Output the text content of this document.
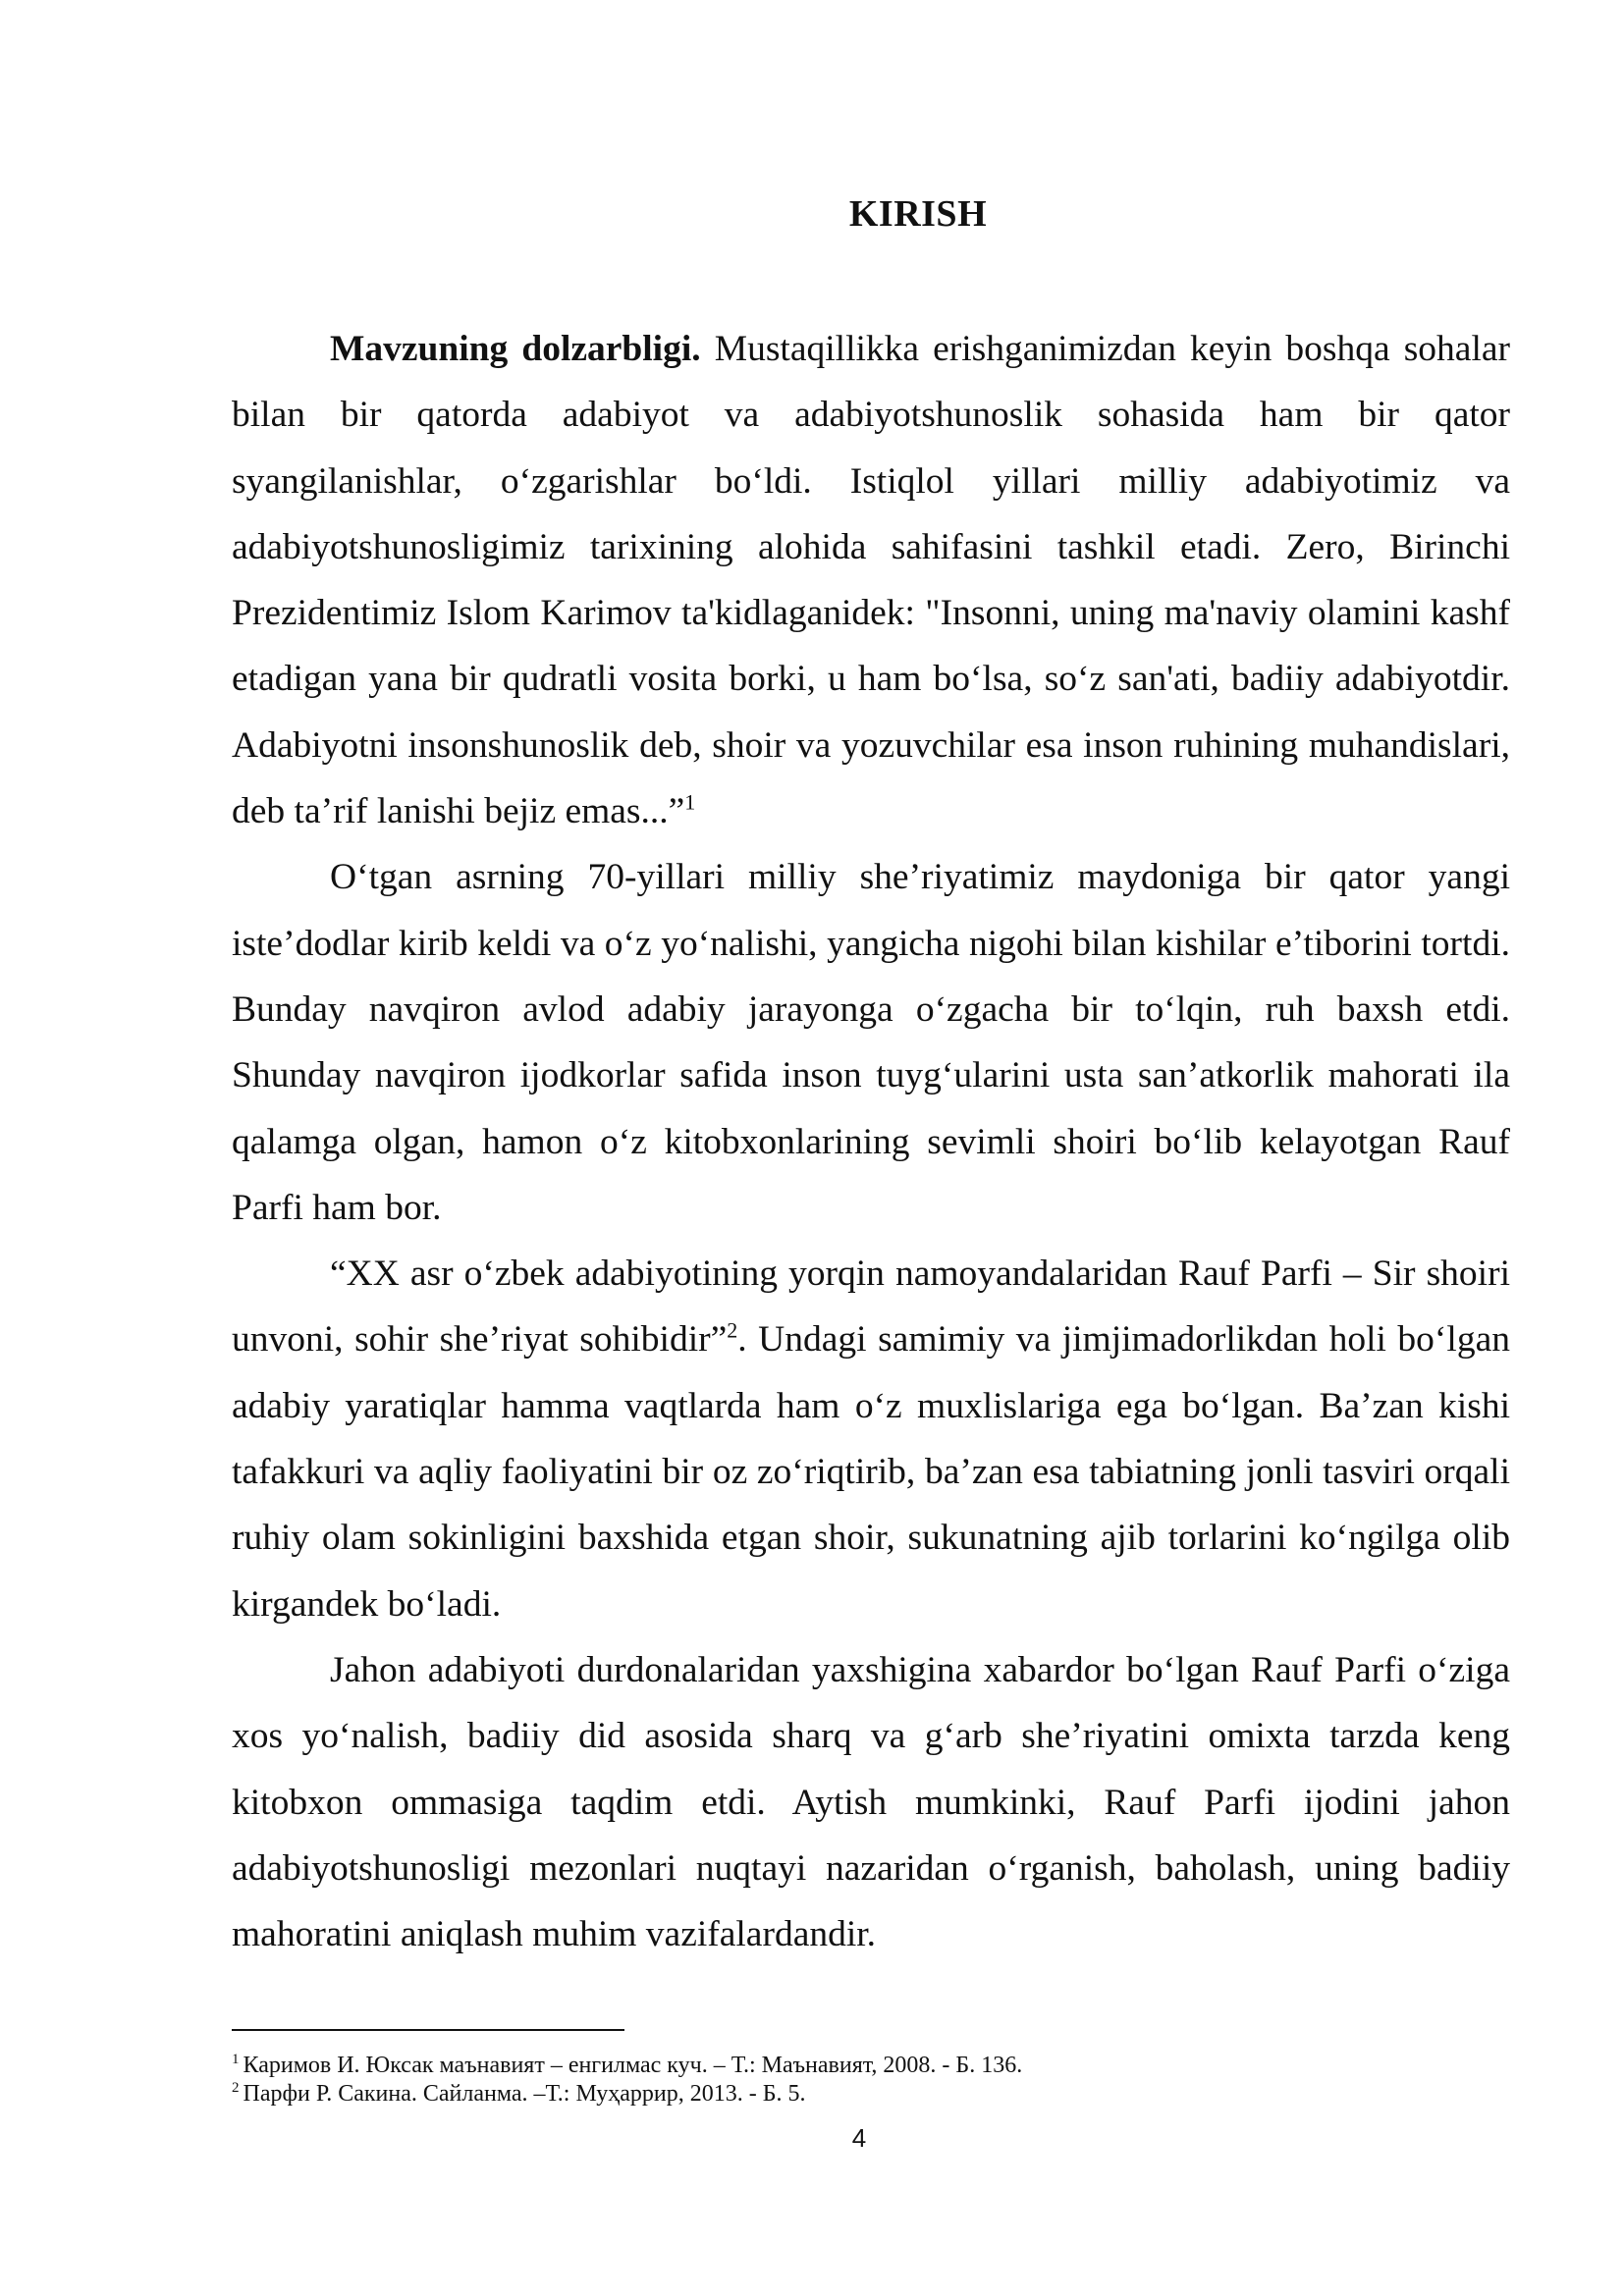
KIRISH

Mavzuning dolzarbligi. Mustaqillikka erishganimizdan keyin boshqa sohalar bilan bir qatorda adabiyot va adabiyotshunoslik sohasida ham bir qator syangilanishlar, o‘zgarishlar bo‘ldi. Istiqlol yillari milliy adabiyotimiz va adabiyotshunosligimiz tarixining alohida sahifasini tashkil etadi. Zero, Birinchi Prezidentimiz Islom Karimov ta'kidlaganidek: "Insonni, uning ma'naviy olamini kashf etadigan yana bir qudratli vosita borki, u ham bo‘lsa, so‘z san'ati, badiiy adabiyotdir. Adabiyotni insonshunoslik deb, shoir va yozuvchilar esa inson ruhining muhandislari, deb ta’rif lanishi bejiz emas...”$^1$

O‘tgan asrning 70-yillari milliy she’riyatimiz maydoniga bir qator yangi iste’dodlar kirib keldi va o‘z yo‘nalishi, yangicha nigohi bilan kishilar e’tiborini tortdi. Bunday navqiron avlod adabiy jarayonga o‘zgacha bir to‘lqin, ruh baxsh etdi. Shunday navqiron ijodkorlar safida inson tuyg‘ularini usta san’atkorlik mahorati ila qalamga olgan, hamon o‘z kitobxonlarining sevimli shoiri bo‘lib kelayotgan Rauf Parfi ham bor.

“XX asr o‘zbek adabiyotining yorqin namoyandalaridan Rauf Parfi – Sir shoiri unvoni, sohir she’riyat sohibidir”$^2$. Undagi samimiy va jimjimadorlikdan holi bo‘lgan adabiy yaratiqlar hamma vaqtlarda ham o‘z muxlislariga ega bo‘lgan. Ba’zan kishi tafakkuri va aqliy faoliyatini bir oz zo‘riqtirib, ba’zan esa tabiatning jonli tasviri orqali ruhiy olam sokinligini baxshida etgan shoir, sukunatning ajib torlarini ko‘ngilga olib kirgandek bo‘ladi.

Jahon adabiyoti durdonalaridan yaxshigina xabardor bo‘lgan Rauf Parfi o‘ziga xos yo‘nalish, badiiy did asosida sharq va g‘arb she’riyatini omixta tarzda keng kitobxon ommasiga taqdim etdi. Aytish mumkinki, Rauf Parfi ijodini jahon adabiyotshunosligi mezonlari nuqtayi nazaridan o‘rganish, baholash, uning badiiy mahoratini aniqlash muhim vazifalardandir.

$^1$ Каримов И. Юксак маънавият – енгилмас куч. – Т.: Маънавият, 2008. - Б. 136.
$^2$ Парфи Р. Сакина. Сайланма. –Т.: Муҳаррир, 2013. - Б. 5.
4
